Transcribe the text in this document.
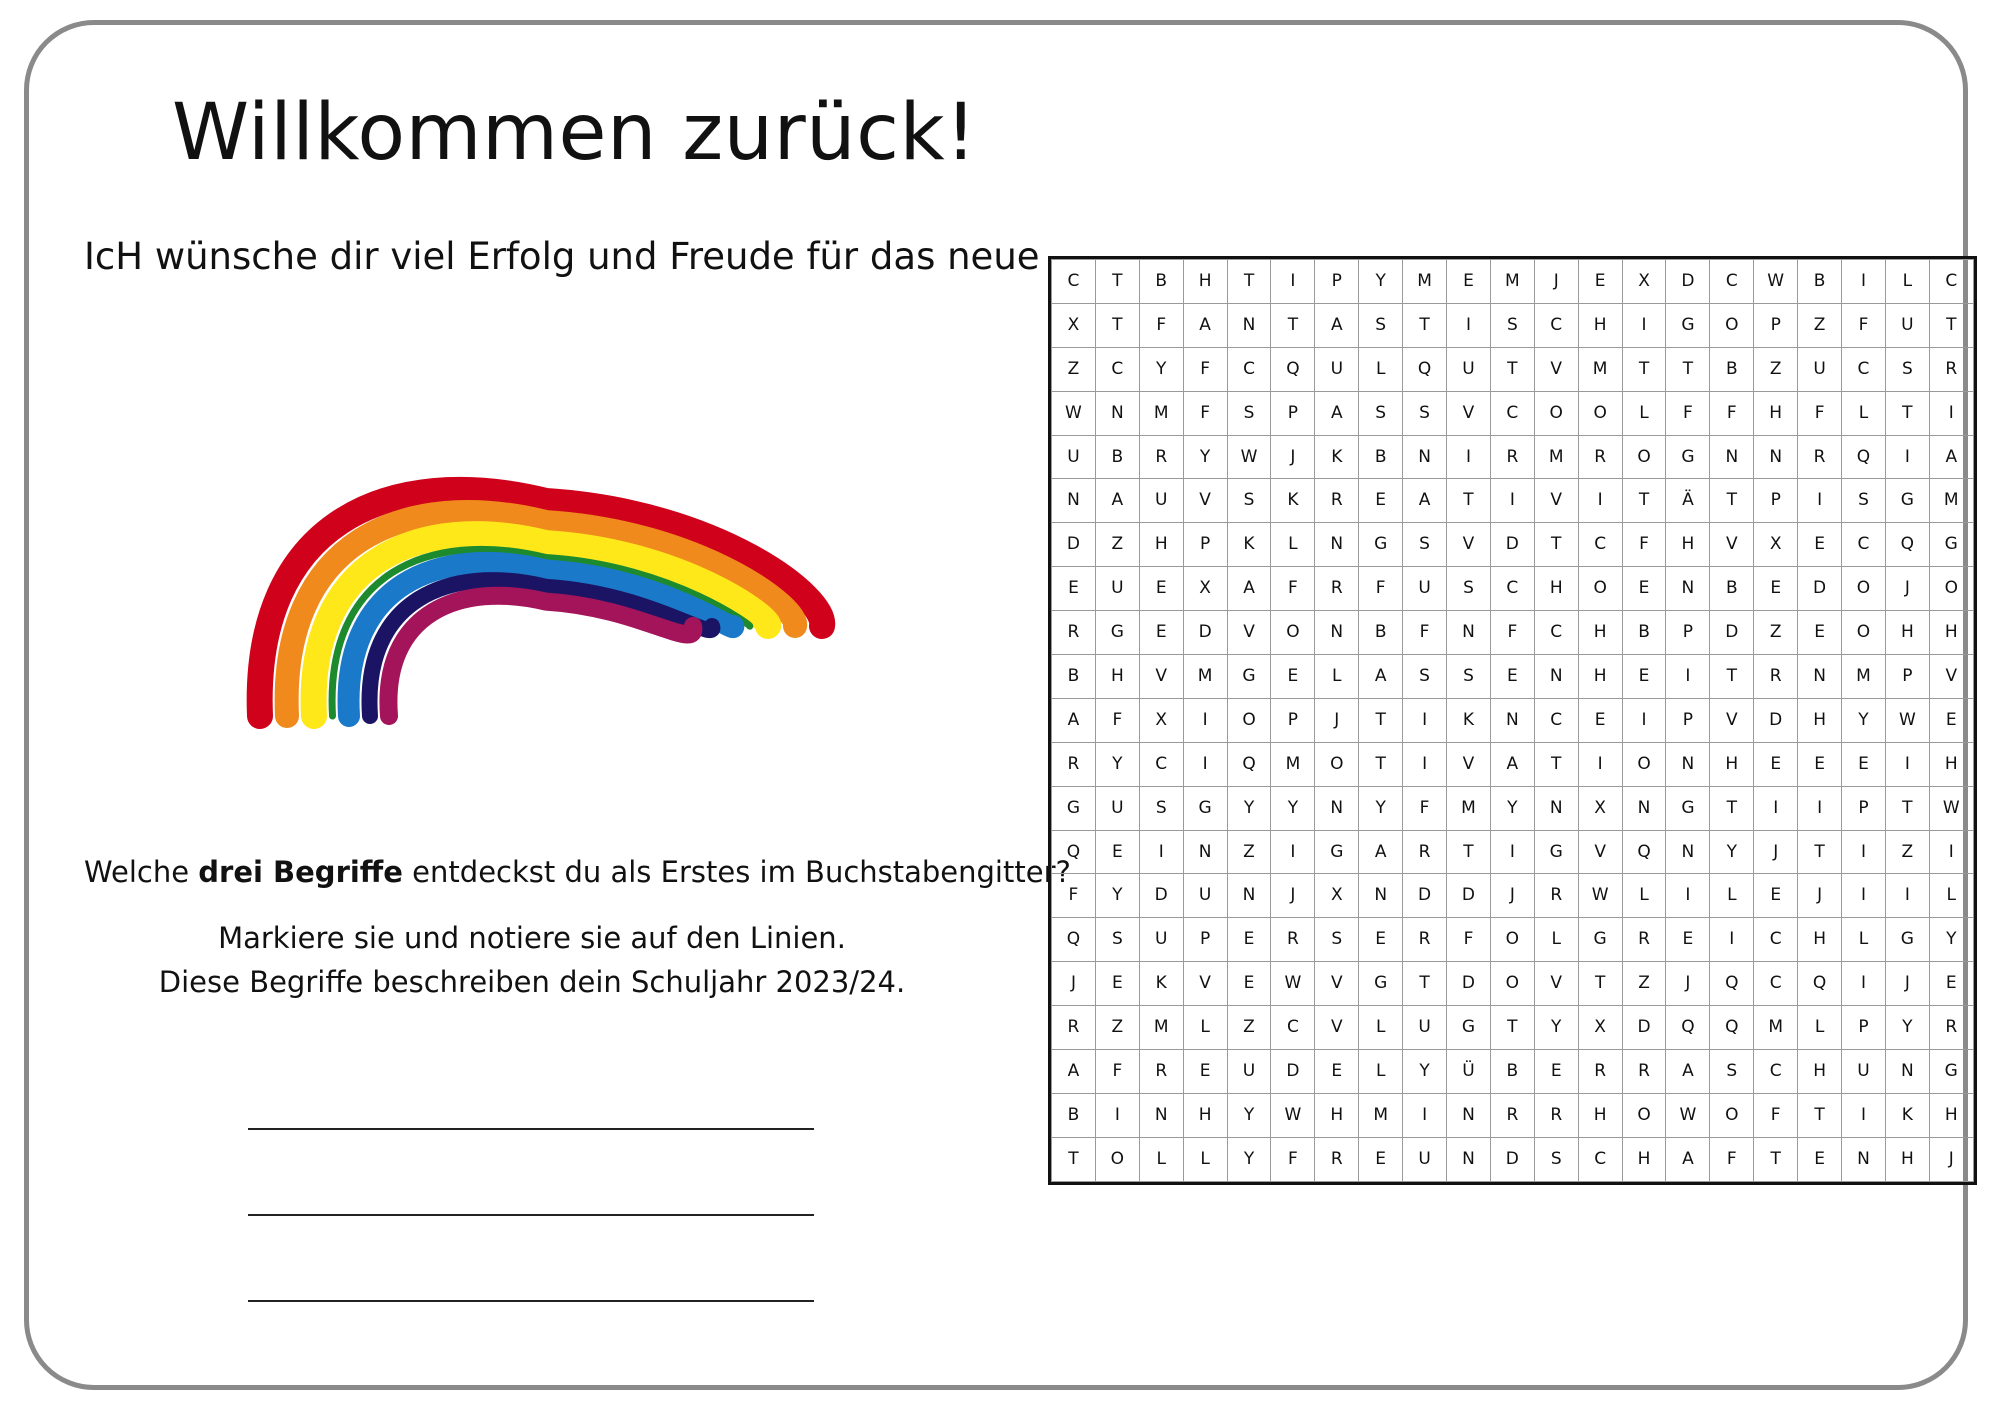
Willkommen zurück!

IcH wünsche dir viel Erfolg und Freude für das neue

Welche drei Begriffe entdeckst du als Erstes im Buchstabengitter?

Markiere sie und notiere sie auf den Linien.
Diese Begriffe beschreiben dein Schuljahr 2023/24.

C	T	B	H	T	I	P	Y	M	E	M	J	E	X	D	C	W	B	I	L	C
X	T	F	A	N	T	A	S	T	I	S	C	H	I	G	O	P	Z	F	U	T
Z	C	Y	F	C	Q	U	L	Q	U	T	V	M	T	T	B	Z	U	C	S	R
W	N	M	F	S	P	A	S	S	V	C	O	O	L	F	F	H	F	L	T	I
U	B	R	Y	W	J	K	B	N	I	R	M	R	O	G	N	N	R	Q	I	A
N	A	U	V	S	K	R	E	A	T	I	V	I	T	Ä	T	P	I	S	G	M
D	Z	H	P	K	L	N	G	S	V	D	T	C	F	H	V	X	E	C	Q	G
E	U	E	X	A	F	R	F	U	S	C	H	O	E	N	B	E	D	O	J	O
R	G	E	D	V	O	N	B	F	N	F	C	H	B	P	D	Z	E	O	H	H
B	H	V	M	G	E	L	A	S	S	E	N	H	E	I	T	R	N	M	P	V
A	F	X	I	O	P	J	T	I	K	N	C	E	I	P	V	D	H	Y	W	E
R	Y	C	I	Q	M	O	T	I	V	A	T	I	O	N	H	E	E	E	I	H
G	U	S	G	Y	Y	N	Y	F	M	Y	N	X	N	G	T	I	I	P	T	W
Q	E	I	N	Z	I	G	A	R	T	I	G	V	Q	N	Y	J	T	I	Z	I
F	Y	D	U	N	J	X	N	D	D	J	R	W	L	I	L	E	J	I	I	L
Q	S	U	P	E	R	S	E	R	F	O	L	G	R	E	I	C	H	L	G	Y
J	E	K	V	E	W	V	G	T	D	O	V	T	Z	J	Q	C	Q	I	J	E
R	Z	M	L	Z	C	V	L	U	G	T	Y	X	D	Q	Q	M	L	P	Y	R
A	F	R	E	U	D	E	L	Y	Ü	B	E	R	R	A	S	C	H	U	N	G
B	I	N	H	Y	W	H	M	I	N	R	R	H	O	W	O	F	T	I	K	H
T	O	L	L	Y	F	R	E	U	N	D	S	C	H	A	F	T	E	N	H	J
